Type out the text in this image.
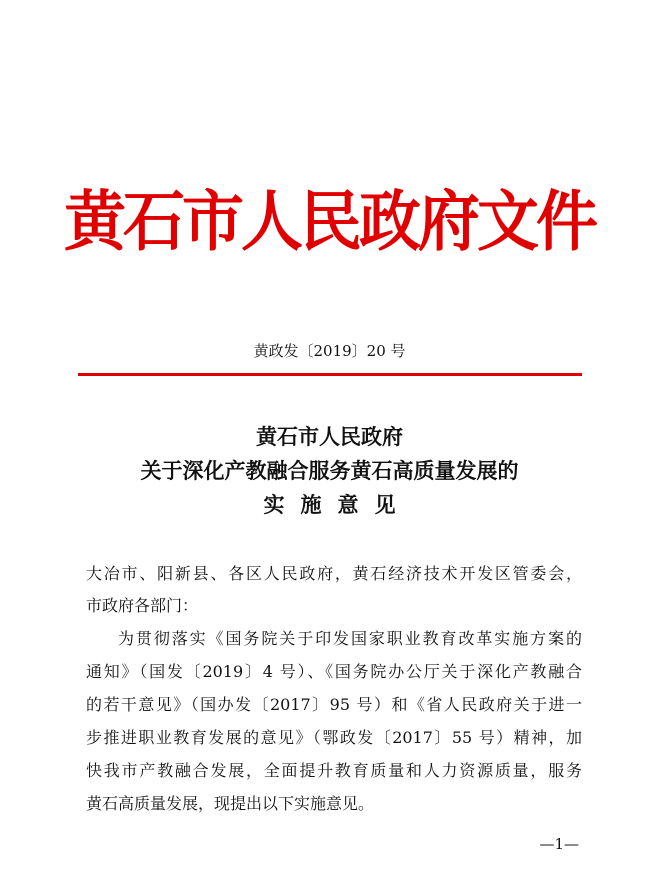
黄石市人民政府文件
黄政发〔2019〕20 号
黄石市人民政府
关于深化产教融合服务黄石高质量发展的
实施意见
大冶市、阳新县、各区人民政府，黄石经济技术开发区管委会，
市政府各部门：
为贯彻落实《国务院关于印发国家职业教育改革实施方案的
通知》（国发〔2019〕4 号）、《国务院办公厅关于深化产教融合
的若干意见》（国办发〔2017〕95 号）和《省人民政府关于进一
步推进职业教育发展的意见》（鄂政发〔2017〕55 号）精神，加
快我市产教融合发展，全面提升教育质量和人力资源质量，服务
黄石高质量发展，现提出以下实施意见。
—1—
